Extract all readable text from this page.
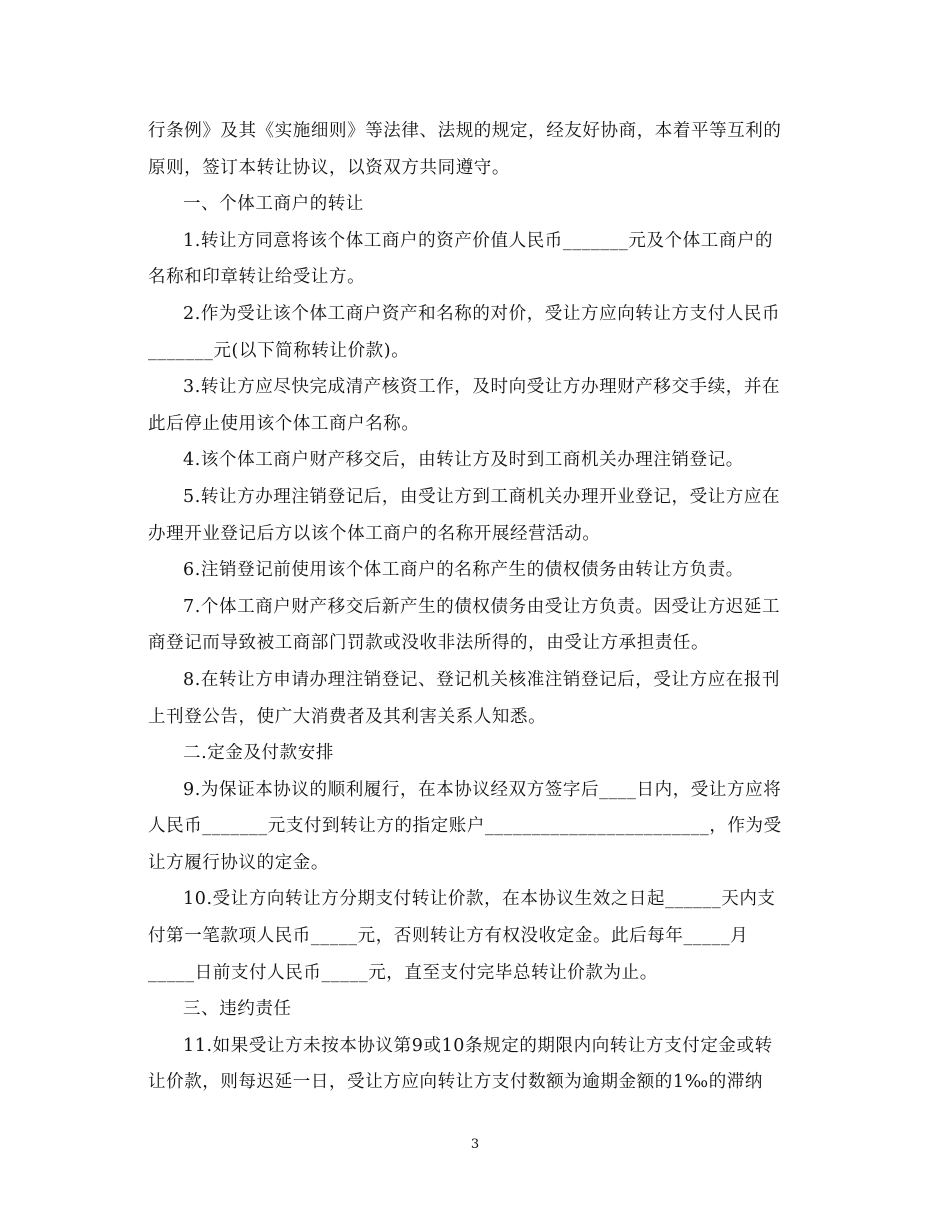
行条例》及其《实施细则》等法律、法规的规定，经友好协商，本着平等互利的

原则，签订本转让协议，以资双方共同遵守。

一、个体工商户的转让

1.转让方同意将该个体工商户的资产价值人民币_______元及个体工商户的

名称和印章转让给受让方。

2.作为受让该个体工商户资产和名称的对价，受让方应向转让方支付人民币

_______元(以下简称转让价款)。

3.转让方应尽快完成清产核资工作，及时向受让方办理财产移交手续，并在

此后停止使用该个体工商户名称。

4.该个体工商户财产移交后，由转让方及时到工商机关办理注销登记。

5.转让方办理注销登记后，由受让方到工商机关办理开业登记，受让方应在

办理开业登记后方以该个体工商户的名称开展经营活动。

6.注销登记前使用该个体工商户的名称产生的债权债务由转让方负责。

7.个体工商户财产移交后新产生的债权债务由受让方负责。因受让方迟延工

商登记而导致被工商部门罚款或没收非法所得的，由受让方承担责任。

8.在转让方申请办理注销登记、登记机关核准注销登记后，受让方应在报刊

上刊登公告，使广大消费者及其利害关系人知悉。

二.定金及付款安排

9.为保证本协议的顺利履行，在本协议经双方签字后____日内，受让方应将

人民币_______元支付到转让方的指定账户________________________，作为受

让方履行协议的定金。

10.受让方向转让方分期支付转让价款，在本协议生效之日起______天内支

付第一笔款项人民币_____元，否则转让方有权没收定金。此后每年_____月

_____日前支付人民币_____元，直至支付完毕总转让价款为止。

三、违约责任

11.如果受让方未按本协议第9或10条规定的期限内向转让方支付定金或转

让价款，则每迟延一日，受让方应向转让方支付数额为逾期金额的1‰的滞纳

3
